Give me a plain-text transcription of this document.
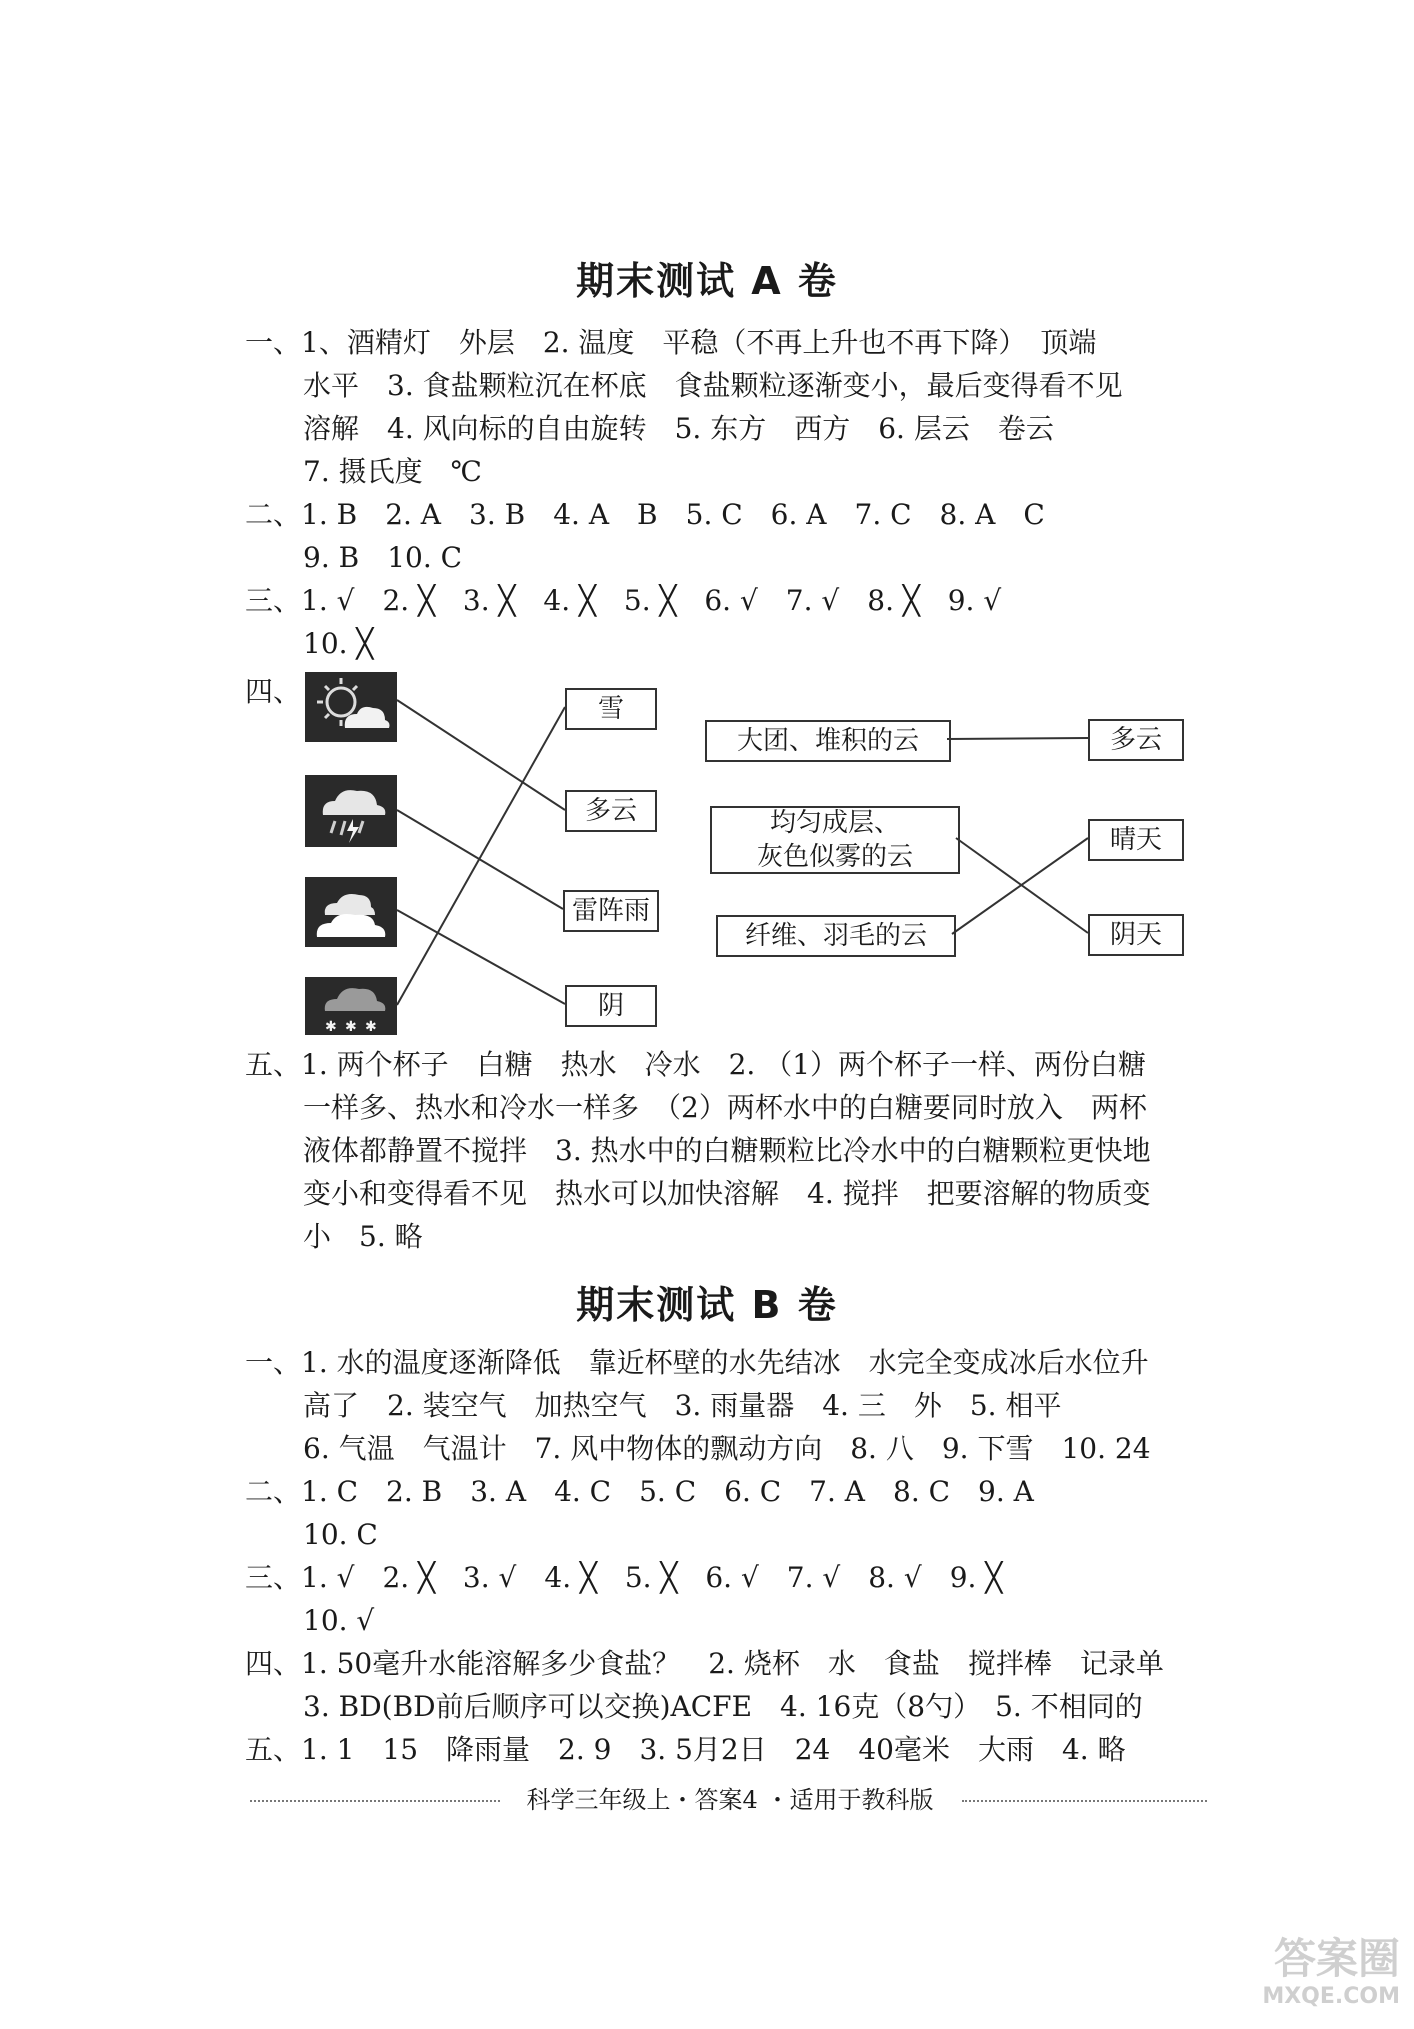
期末测试 A 卷
一、1、酒精灯　外层　2. 温度　平稳（不再上升也不再下降）　顶端
水平　3. 食盐颗粒沉在杯底　食盐颗粒逐渐变小，最后变得看不见
溶解　4. 风向标的自由旋转　5. 东方　西方　6. 层云　卷云
7. 摄氏度　℃
二、1. B　2. A　3. B　4. A　B　5. C　6. A　7. C　8. A　C
9. B　10. C
三、1. √　2. ╳　3. ╳　4. ╳　5. ╳　6. √　7. √　8. ╳　9. √
10. ╳
四、
✱ ✱ ✱
雪
多云
雷阵雨
阴
大团、堆积的云
均匀成层、
灰色似雾的云
纤维、羽毛的云
多云
晴天
阴天
五、1. 两个杯子　白糖　热水　冷水　2. （1）两个杯子一样、两份白糖
一样多、热水和冷水一样多　（2）两杯水中的白糖要同时放入　两杯
液体都静置不搅拌　3. 热水中的白糖颗粒比冷水中的白糖颗粒更快地
变小和变得看不见　热水可以加快溶解　4. 搅拌　把要溶解的物质变
小　5. 略
期末测试 B 卷
一、1. 水的温度逐渐降低　靠近杯壁的水先结冰　水完全变成冰后水位升
高了　2. 装空气　加热空气　3. 雨量器　4. 三　外　5. 相平
6. 气温　气温计　7. 风中物体的飘动方向　8. 八　9. 下雪　10. 24
二、1. C　2. B　3. A　4. C　5. C　6. C　7. A　8. C　9. A
10. C
三、1. √　2. ╳　3. √　4. ╳　5. ╳　6. √　7. √　8. √　9. ╳
10. √
四、1. 50毫升水能溶解多少食盐？　2. 烧杯　水　食盐　搅拌棒　记录单
3. BD(BD前后顺序可以交换)ACFE　4. 16克（8勺）　5. 不相同的
五、1. 1　15　降雨量　2. 9　3. 5月2日　24　40毫米　大雨　4. 略
科学三年级上・答案4 ・适用于教科版
答案圈
MXQE.COM
